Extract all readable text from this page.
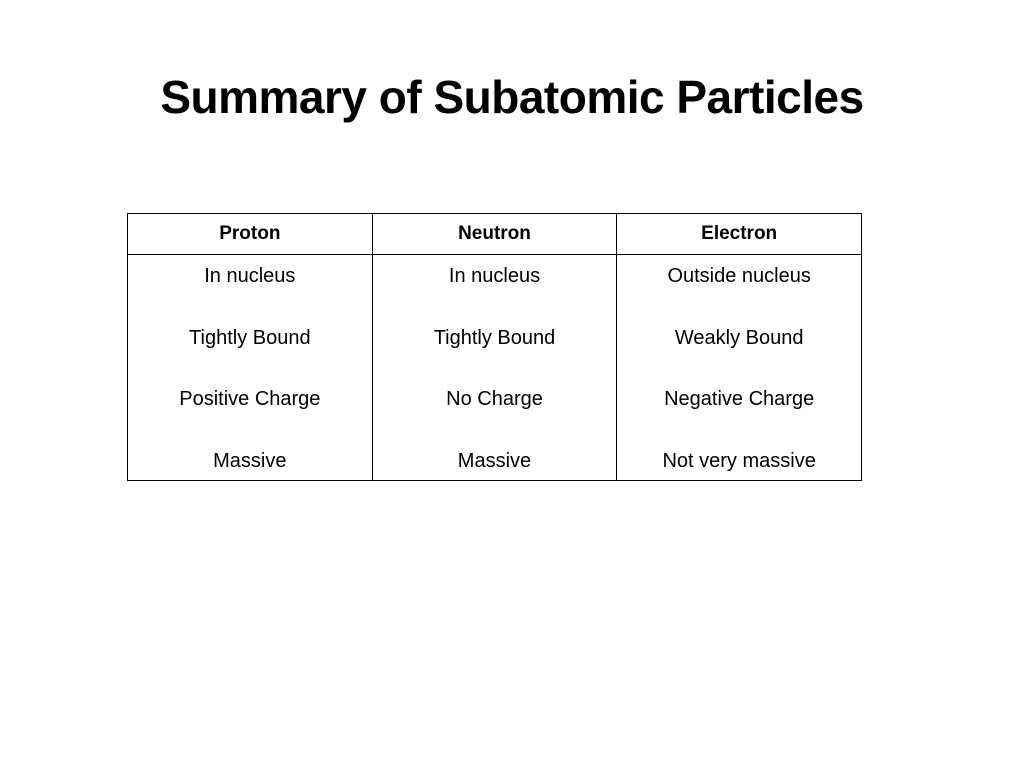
Summary of Subatomic Particles
Proton	Neutron	Electron

In nucleus
Tightly Bound
Positive Charge
Massive	In nucleus
Tightly Bound
No Charge
Massive	Outside nucleus
Weakly Bound
Negative Charge
Not very massive
